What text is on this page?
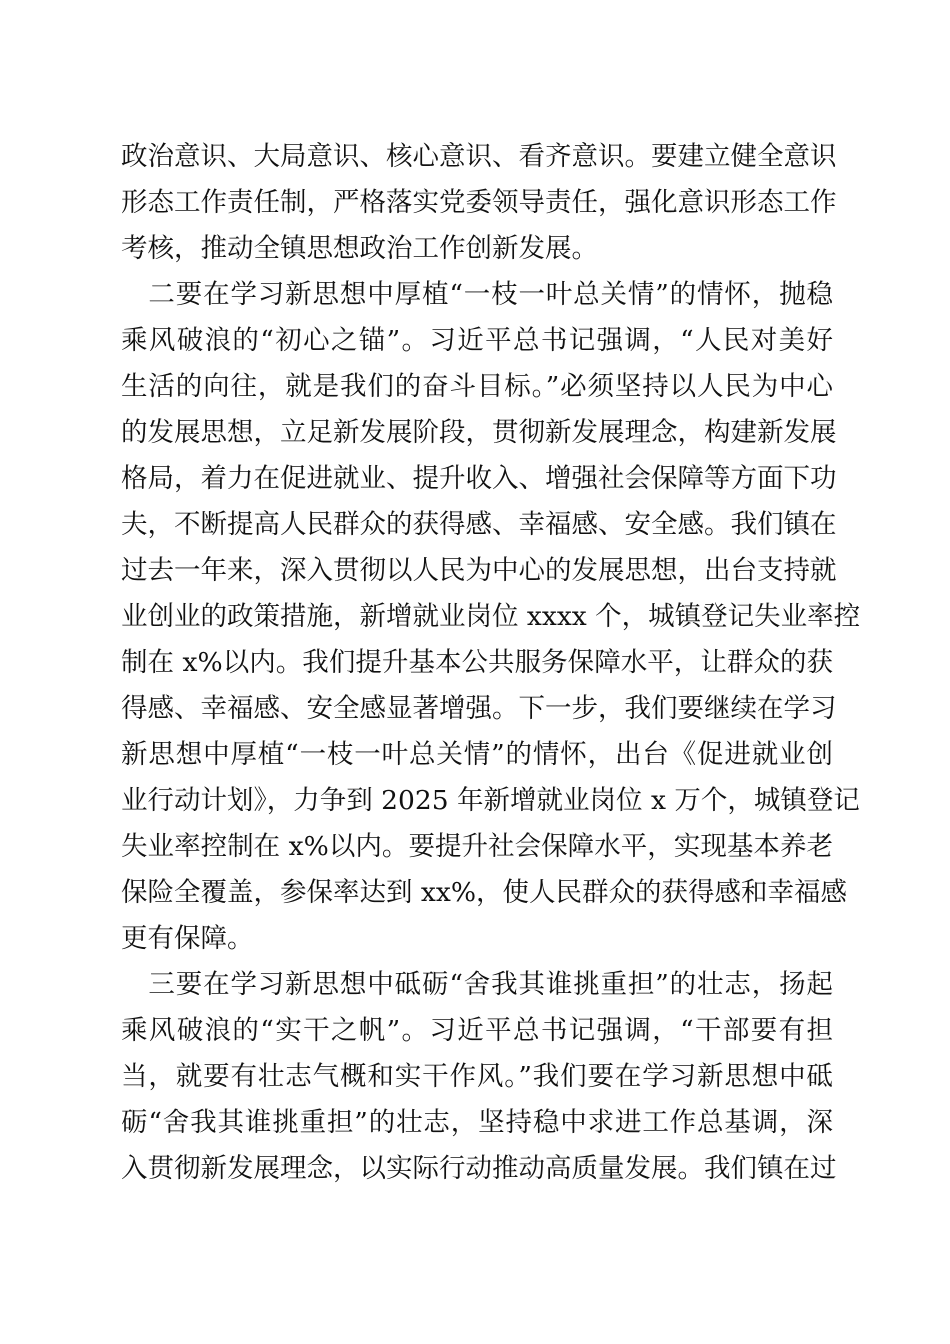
政治意识、大局意识、核心意识、看齐意识。要建立健全意识
形态工作责任制，严格落实党委领导责任，强化意识形态工作
考核，推动全镇思想政治工作创新发展。
　二要在学习新思想中厚植“一枝一叶总关情”的情怀，抛稳
乘风破浪的“初心之锚”。习近平总书记强调，“人民对美好
生活的向往，就是我们的奋斗目标。”必须坚持以人民为中心
的发展思想，立足新发展阶段，贯彻新发展理念，构建新发展
格局，着力在促进就业、提升收入、增强社会保障等方面下功
夫，不断提高人民群众的获得感、幸福感、安全感。我们镇在
过去一年来，深入贯彻以人民为中心的发展思想，出台支持就
业创业的政策措施，新增就业岗位 xxxx 个，城镇登记失业率控
制在 x%以内。我们提升基本公共服务保障水平，让群众的获
得感、幸福感、安全感显著增强。下一步，我们要继续在学习
新思想中厚植“一枝一叶总关情”的情怀，出台《促进就业创
业行动计划》，力争到 2025 年新增就业岗位 x 万个，城镇登记
失业率控制在 x%以内。要提升社会保障水平，实现基本养老
保险全覆盖，参保率达到 xx%，使人民群众的获得感和幸福感
更有保障。
　三要在学习新思想中砥砺“舍我其谁挑重担”的壮志，扬起
乘风破浪的“实干之帆”。习近平总书记强调，“干部要有担
当，就要有壮志气概和实干作风。”我们要在学习新思想中砥
砺“舍我其谁挑重担”的壮志，坚持稳中求进工作总基调，深
入贯彻新发展理念，以实际行动推动高质量发展。我们镇在过
